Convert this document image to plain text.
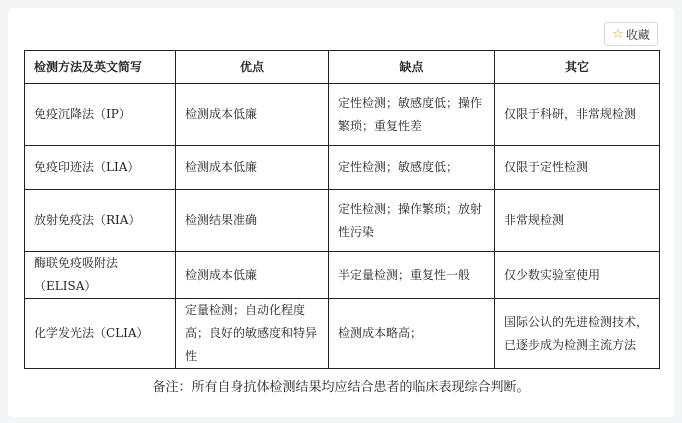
☆ 收藏
检测方法及英文简写	优点	缺点	其它
免疫沉降法（IP）	检测成本低廉	定性检测；敏感度低；操作繁琐；重复性差	仅限于科研，非常规检测
免疫印迹法（LIA）	检测成本低廉	定性检测；敏感度低；	仅限于定性检测
放射免疫法（RIA）	检测结果准确	定性检测；操作繁琐；放射性污染	非常规检测
酶联免疫吸附法（ELISA）	检测成本低廉	半定量检测；重复性一般	仅少数实验室使用
化学发光法（CLIA）	定量检测；自动化程度高；良好的敏感度和特异性	检测成本略高；	国际公认的先进检测技术，已逐步成为检测主流方法
备注：所有自身抗体检测结果均应结合患者的临床表现综合判断。
